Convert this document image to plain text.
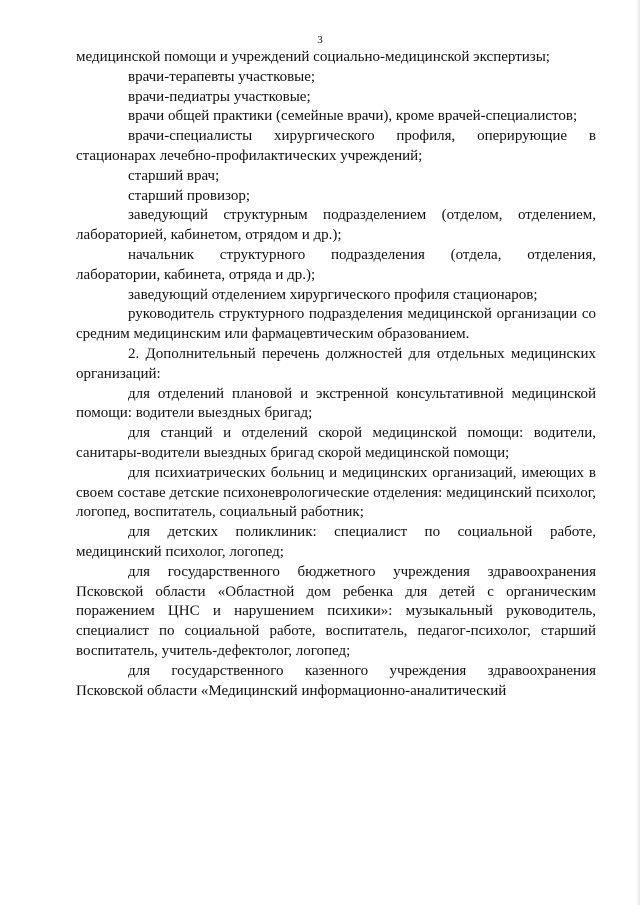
3

медицинской помощи и учреждений социально-медицинской экспертизы;

врачи-терапевты участковые;

врачи-педиатры участковые;

врачи общей практики (семейные врачи), кроме врачей-специалистов;

врачи-специалисты хирургического профиля, оперирующие в стационарах лечебно-профилактических учреждений;

старший врач;

старший провизор;

заведующий структурным подразделением (отделом, отделением, лабораторией, кабинетом, отрядом и др.);

начальник структурного подразделения (отдела, отделения, лаборатории, кабинета, отряда и др.);

заведующий отделением хирургического профиля стационаров;

руководитель структурного подразделения медицинской организации со средним медицинским или фармацевтическим образованием.

2. Дополнительный перечень должностей для отдельных медицинских организаций:

для отделений плановой и экстренной консультативной медицинской помощи: водители выездных бригад;

для станций и отделений скорой медицинской помощи: водители, санитары-водители выездных бригад скорой медицинской помощи;

для психиатрических больниц и медицинских организаций, имеющих в своем составе детские психоневрологические отделения: медицинский психолог, логопед, воспитатель, социальный работник;

для детских поликлиник: специалист по социальной работе, медицинский психолог, логопед;

для государственного бюджетного учреждения здравоохранения Псковской области «Областной дом ребенка для детей с органическим поражением ЦНС и нарушением психики»: музыкальный руководитель, специалист по социальной работе, воспитатель, педагог-психолог, старший воспитатель, учитель-дефектолог, логопед;

для государственного казенного учреждения здравоохранения Псковской области «Медицинский информационно-аналитический
